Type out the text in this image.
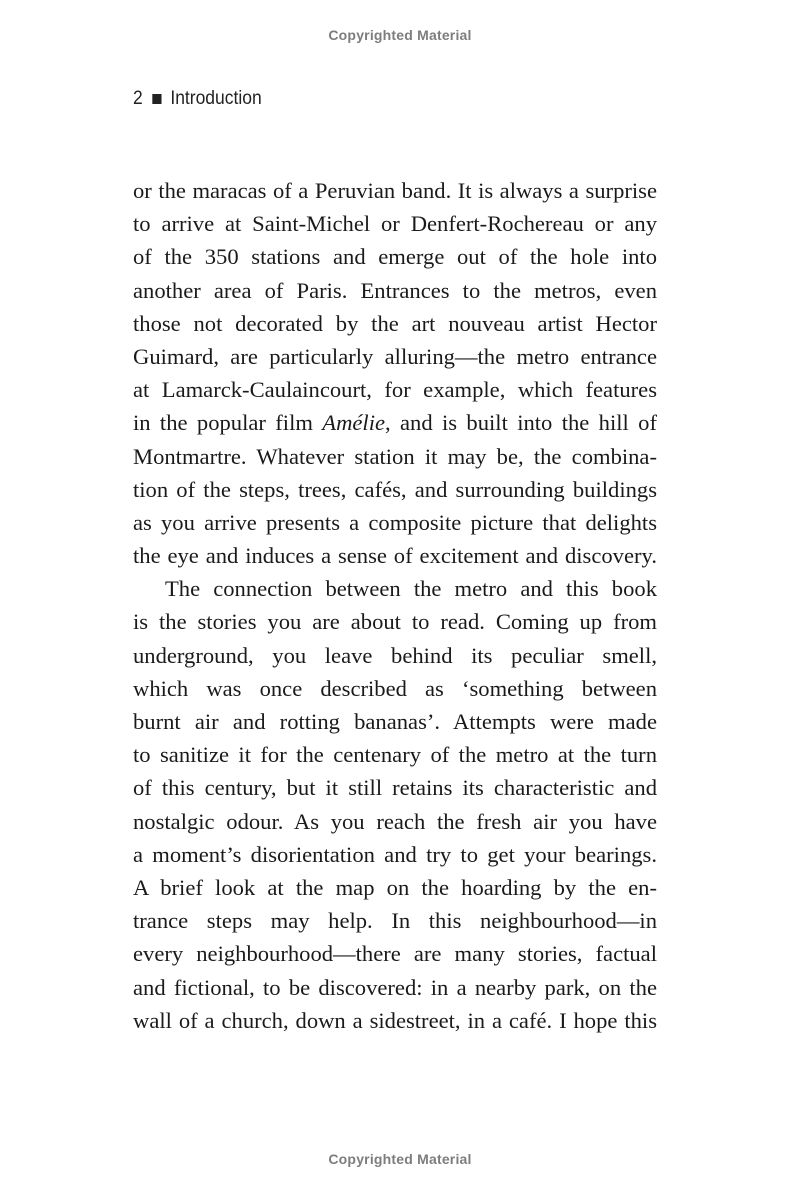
Copyrighted Material
2 Introduction
or the maracas of a Peruvian band. It is always a surprise
to arrive at Saint-Michel or Denfert-Rochereau or any
of the 350 stations and emerge out of the hole into
another area of Paris. Entrances to the metros, even
those not decorated by the art nouveau artist Hector
Guimard, are particularly alluring—the metro entrance
at Lamarck-Caulaincourt, for example, which features
in the popular film Amélie, and is built into the hill of
Montmartre. Whatever station it may be, the combina-
tion of the steps, trees, cafés, and surrounding buildings
as you arrive presents a composite picture that delights
the eye and induces a sense of excitement and discovery.
The connection between the metro and this book
is the stories you are about to read. Coming up from
underground, you leave behind its peculiar smell,
which was once described as ‘something between
burnt air and rotting bananas’. Attempts were made
to sanitize it for the centenary of the metro at the turn
of this century, but it still retains its characteristic and
nostalgic odour. As you reach the fresh air you have
a moment’s disorientation and try to get your bearings.
A brief look at the map on the hoarding by the en-
trance steps may help. In this neighbourhood—in
every neighbourhood—there are many stories, factual
and fictional, to be discovered: in a nearby park, on the
wall of a church, down a sidestreet, in a café. I hope this
Copyrighted Material
